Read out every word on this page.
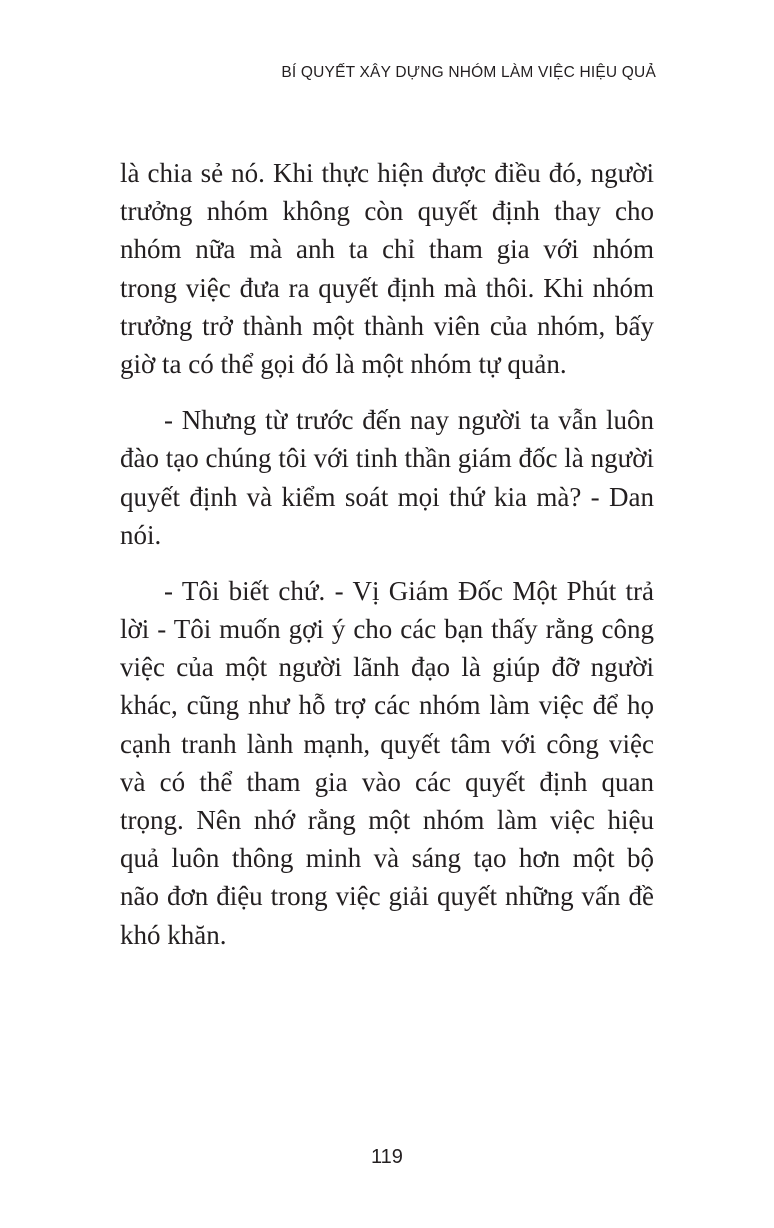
BÍ QUYẾT XÂY DỰNG NHÓM LÀM VIỆC HIỆU QUẢ
là chia sẻ nó. Khi thực hiện được điều đó, người
trưởng nhóm không còn quyết định thay cho
nhóm nữa mà anh ta chỉ tham gia với nhóm
trong việc đưa ra quyết định mà thôi. Khi nhóm
trưởng trở thành một thành viên của nhóm, bấy
giờ ta có thể gọi đó là một nhóm tự quản.
- Nhưng từ trước đến nay người ta vẫn luôn
đào tạo chúng tôi với tinh thần giám đốc là người
quyết định và kiểm soát mọi thứ kia mà? - Dan
nói.
- Tôi biết chứ. - Vị Giám Đốc Một Phút trả
lời - Tôi muốn gợi ý cho các bạn thấy rằng công
việc của một người lãnh đạo là giúp đỡ người
khác, cũng như hỗ trợ các nhóm làm việc để họ
cạnh tranh lành mạnh, quyết tâm với công việc
và có thể tham gia vào các quyết định quan
trọng. Nên nhớ rằng một nhóm làm việc hiệu
quả luôn thông minh và sáng tạo hơn một bộ
não đơn điệu trong việc giải quyết những vấn đề
khó khăn.
119
